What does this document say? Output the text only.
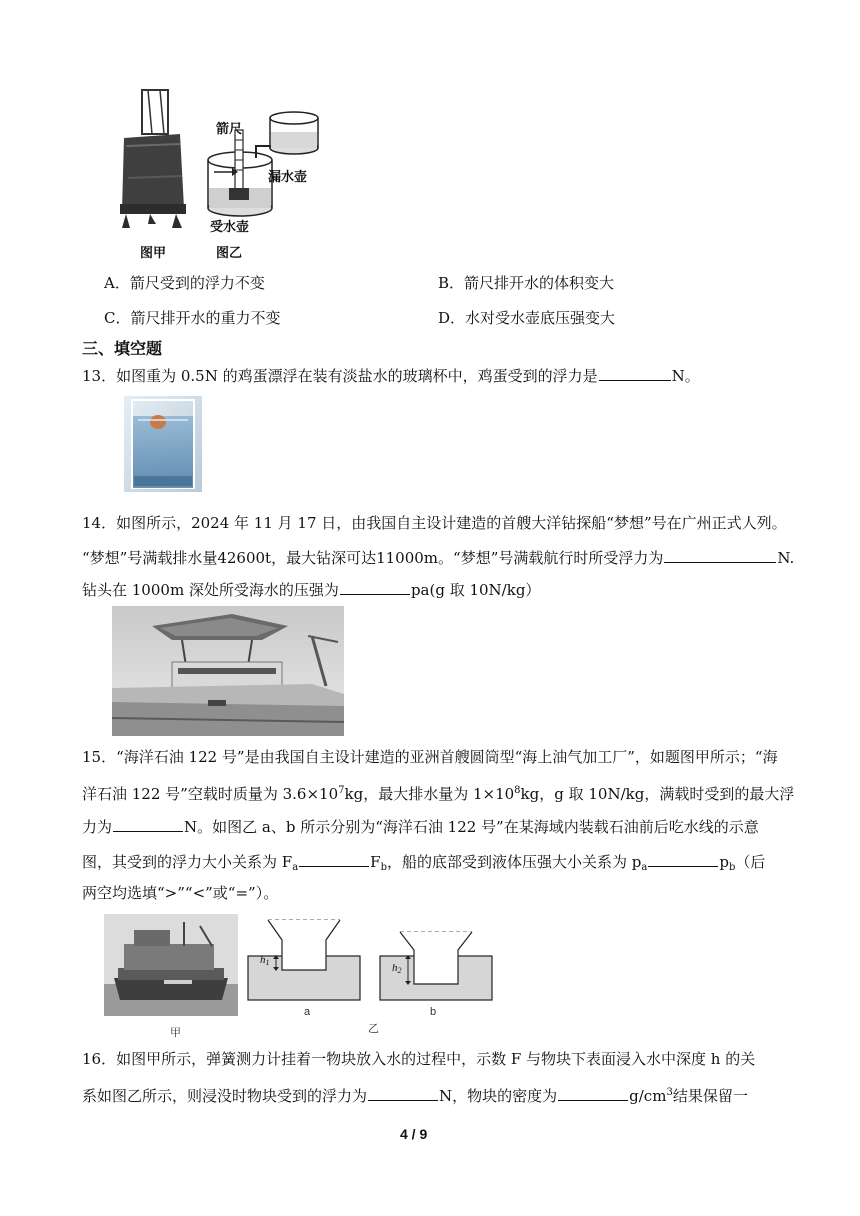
箭尺
漏水壶
受水壶
图甲	图乙
A．箭尺受到的浮力不变	B．箭尺排开水的体积变大
C．箭尺排开水的重力不变	D．水对受水壶底压强变大
三、填空题
13．如图重为 0.5N 的鸡蛋漂浮在装有淡盐水的玻璃杯中，鸡蛋受到的浮力是	N。
14．如图所示，2024 年 11 月 17 日，由我国自主设计建造的首艘大洋钻探船“梦想”号在广州正式人列。
“梦想”号满载排水量42600t，最大钻深可达11000m。“梦想”号满载航行时所受浮力为	N.
钻头在 1000m 深处所受海水的压强为	pa(g 取 10N/kg）
15．“海洋石油 122 号”是由我国自主设计建造的亚洲首艘圆筒型“海上油气加工厂”，如题图甲所示；“海
洋石油 122 号”空载时质量为 $3.6\times 10^7kg$，最大排水量为 $1\times 10^8kg$，g 取 10N/kg，满载时受到的最大浮
力为	N。如图乙 a、b 所示分别为“海洋石油 122 号”在某海域内装载石油前后吃水线的示意
图，其受到的浮力大小关系为 $F_a$	$F_b$，船的底部受到液体压强大小关系为 $p_a$	$p_b$（后
两空均选填“>”“<”或“=”）。
甲
h1
a
h2
b
乙
16．如图甲所示，弹簧测力计挂着一物块放入水的过程中，示数 F 与物块下表面浸入水中深度 h 的关
系如图乙所示，则浸没时物块受到的浮力为	N，物块的密度为	$g/cm^3$结果保留一
4 / 9
